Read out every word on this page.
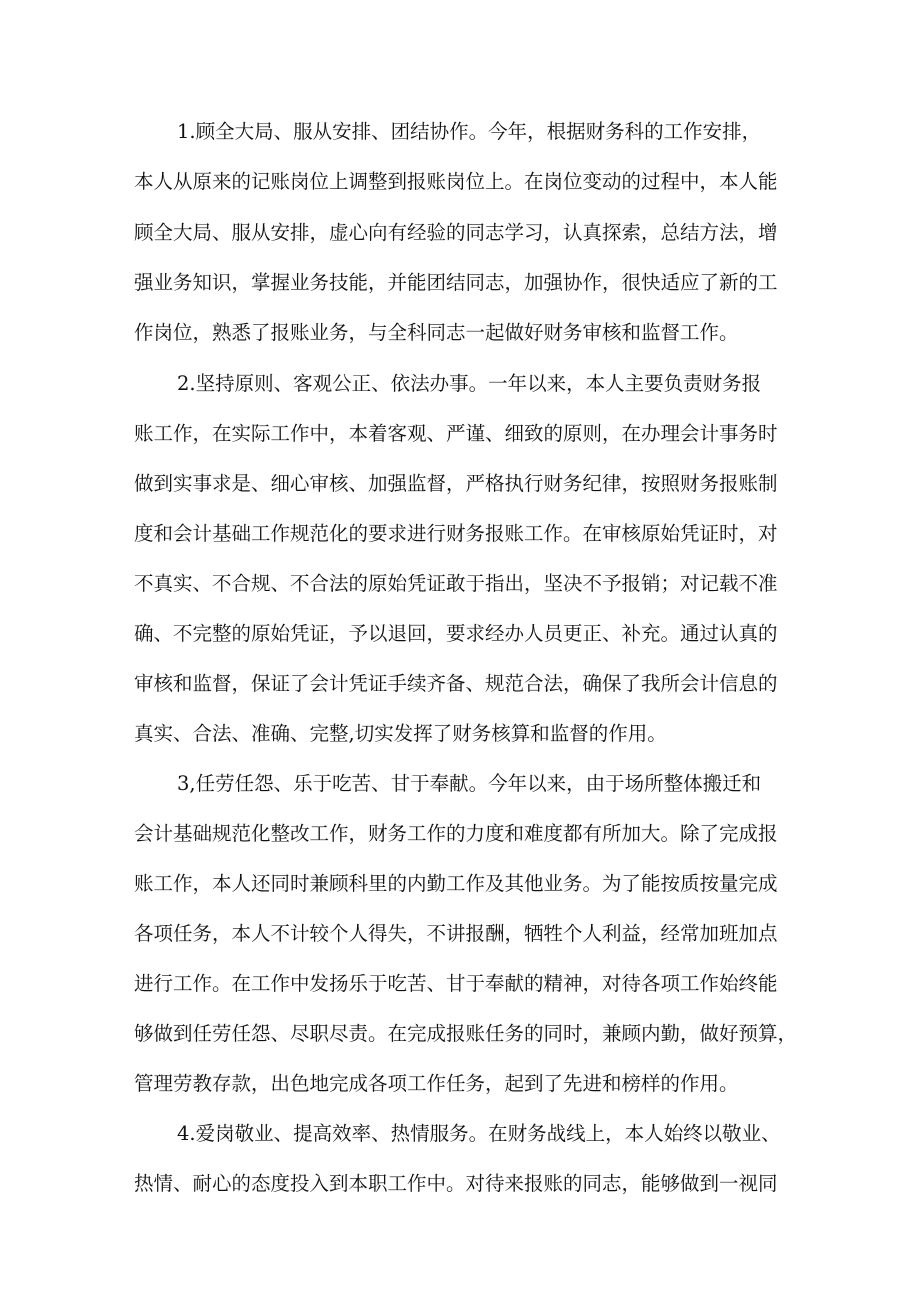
1.顾全大局、服从安排、团结协作。今年，根据财务科的工作安排，

本人从原来的记账岗位上调整到报账岗位上。在岗位变动的过程中，本人能

顾全大局、服从安排，虚心向有经验的同志学习，认真探索，总结方法，增

强业务知识，掌握业务技能，并能团结同志，加强协作，很快适应了新的工

作岗位，熟悉了报账业务，与全科同志一起做好财务审核和监督工作。

2.坚持原则、客观公正、依法办事。一年以来，本人主要负责财务报

账工作，在实际工作中，本着客观、严谨、细致的原则，在办理会计事务时

做到实事求是、细心审核、加强监督，严格执行财务纪律，按照财务报账制

度和会计基础工作规范化的要求进行财务报账工作。在审核原始凭证时，对

不真实、不合规、不合法的原始凭证敢于指出，坚决不予报销；对记载不准

确、不完整的原始凭证，予以退回，要求经办人员更正、补充。通过认真的

审核和监督，保证了会计凭证手续齐备、规范合法，确保了我所会计信息的

真实、合法、准确、完整,切实发挥了财务核算和监督的作用。

3,任劳任怨、乐于吃苦、甘于奉献。今年以来，由于场所整体搬迁和

会计基础规范化整改工作，财务工作的力度和难度都有所加大。除了完成报

账工作，本人还同时兼顾科里的内勤工作及其他业务。为了能按质按量完成

各项任务，本人不计较个人得失，不讲报酬，牺牲个人利益，经常加班加点

进行工作。在工作中发扬乐于吃苦、甘于奉献的精神，对待各项工作始终能

够做到任劳任怨、尽职尽责。在完成报账任务的同时，兼顾内勤，做好预算，

管理劳教存款，出色地完成各项工作任务，起到了先进和榜样的作用。

4.爱岗敬业、提高效率、热情服务。在财务战线上，本人始终以敬业、

热情、耐心的态度投入到本职工作中。对待来报账的同志，能够做到一视同
